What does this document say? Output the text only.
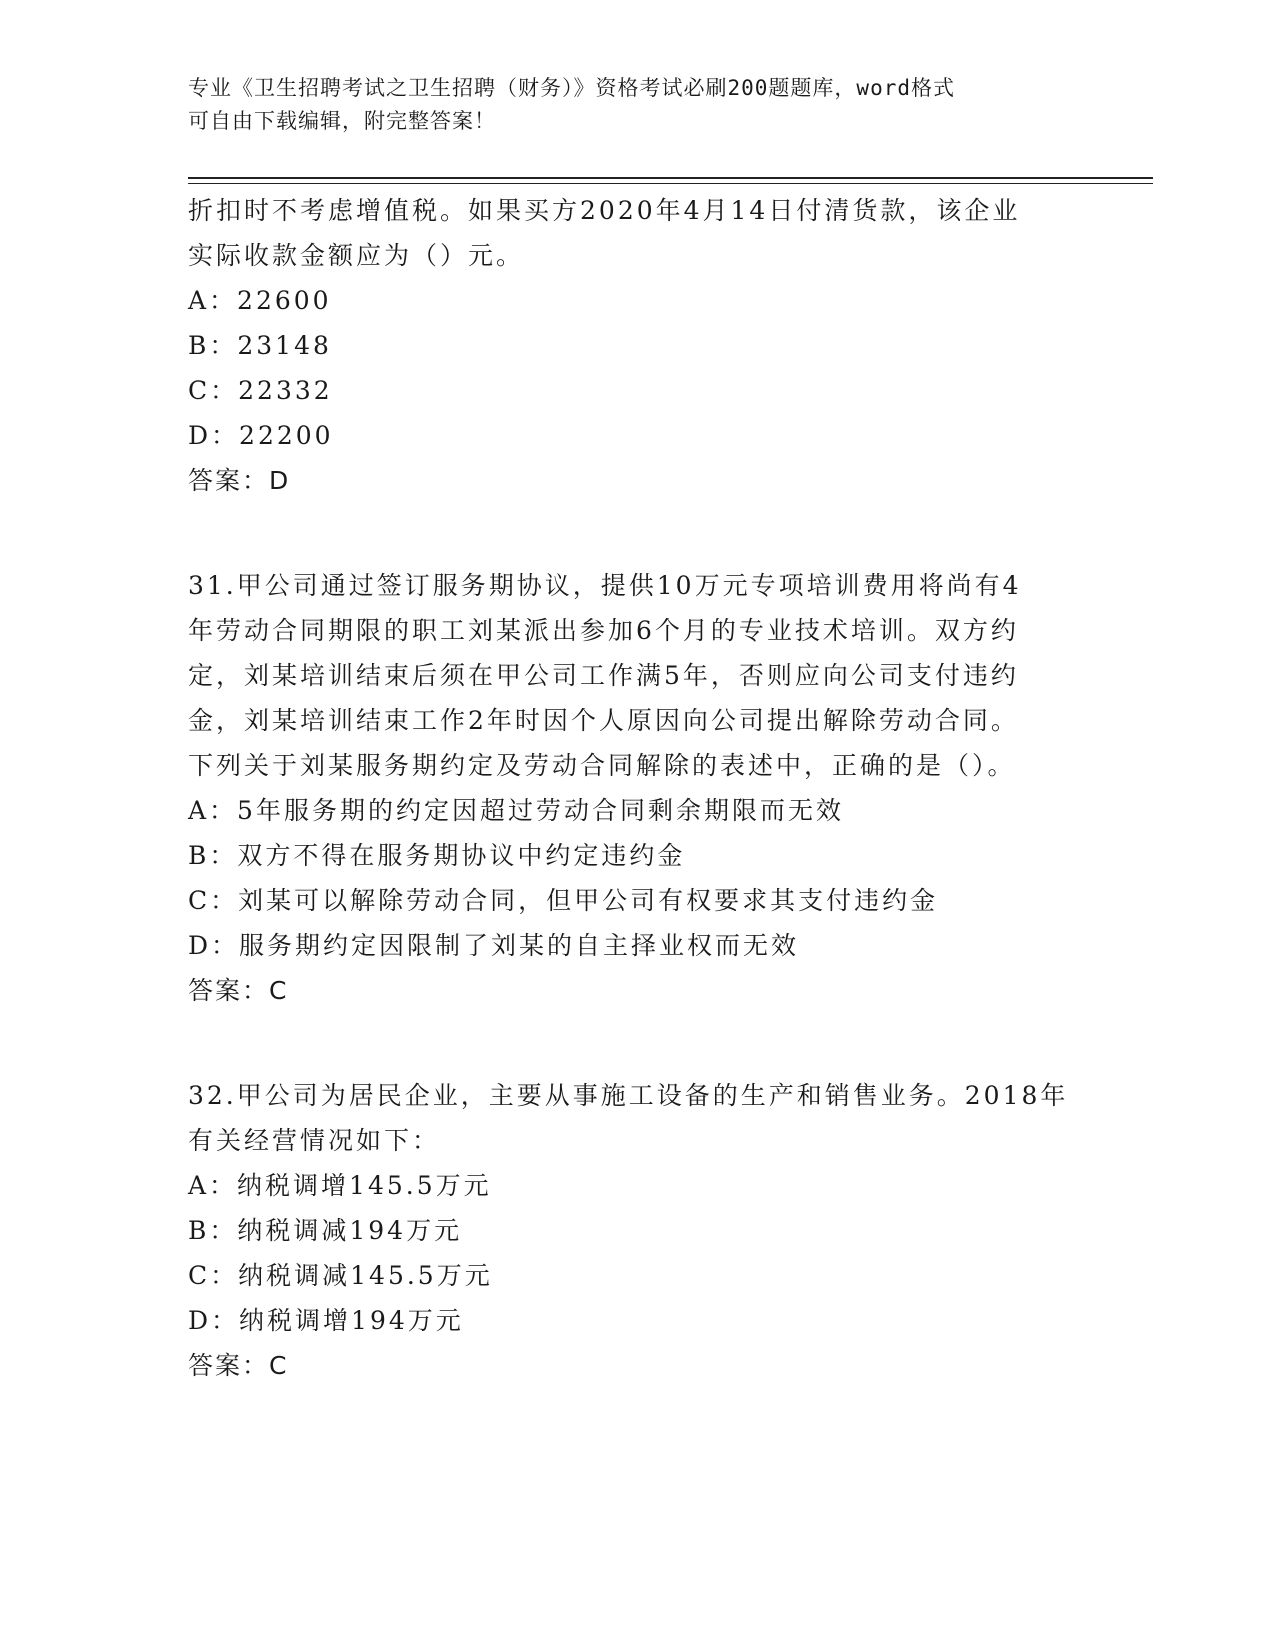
专业《卫生招聘考试之卫生招聘（财务）》资格考试必刷200题题库，word格式
可自由下载编辑，附完整答案！
折扣时不考虑增值税。如果买方2020年4月14日付清货款，该企业
实际收款金额应为（）元。
A：22600
B：23148
C：22332
D：22200
答案：D
31.甲公司通过签订服务期协议，提供10万元专项培训费用将尚有4
年劳动合同期限的职工刘某派出参加6个月的专业技术培训。双方约
定，刘某培训结束后须在甲公司工作满5年，否则应向公司支付违约
金，刘某培训结束工作2年时因个人原因向公司提出解除劳动合同。
下列关于刘某服务期约定及劳动合同解除的表述中，正确的是（）。
A：5年服务期的约定因超过劳动合同剩余期限而无效
B：双方不得在服务期协议中约定违约金
C：刘某可以解除劳动合同，但甲公司有权要求其支付违约金
D：服务期约定因限制了刘某的自主择业权而无效
答案：C
32.甲公司为居民企业，主要从事施工设备的生产和销售业务。2018年
有关经营情况如下：
A：纳税调增145.5万元
B：纳税调减194万元
C：纳税调减145.5万元
D：纳税调增194万元
答案：C
